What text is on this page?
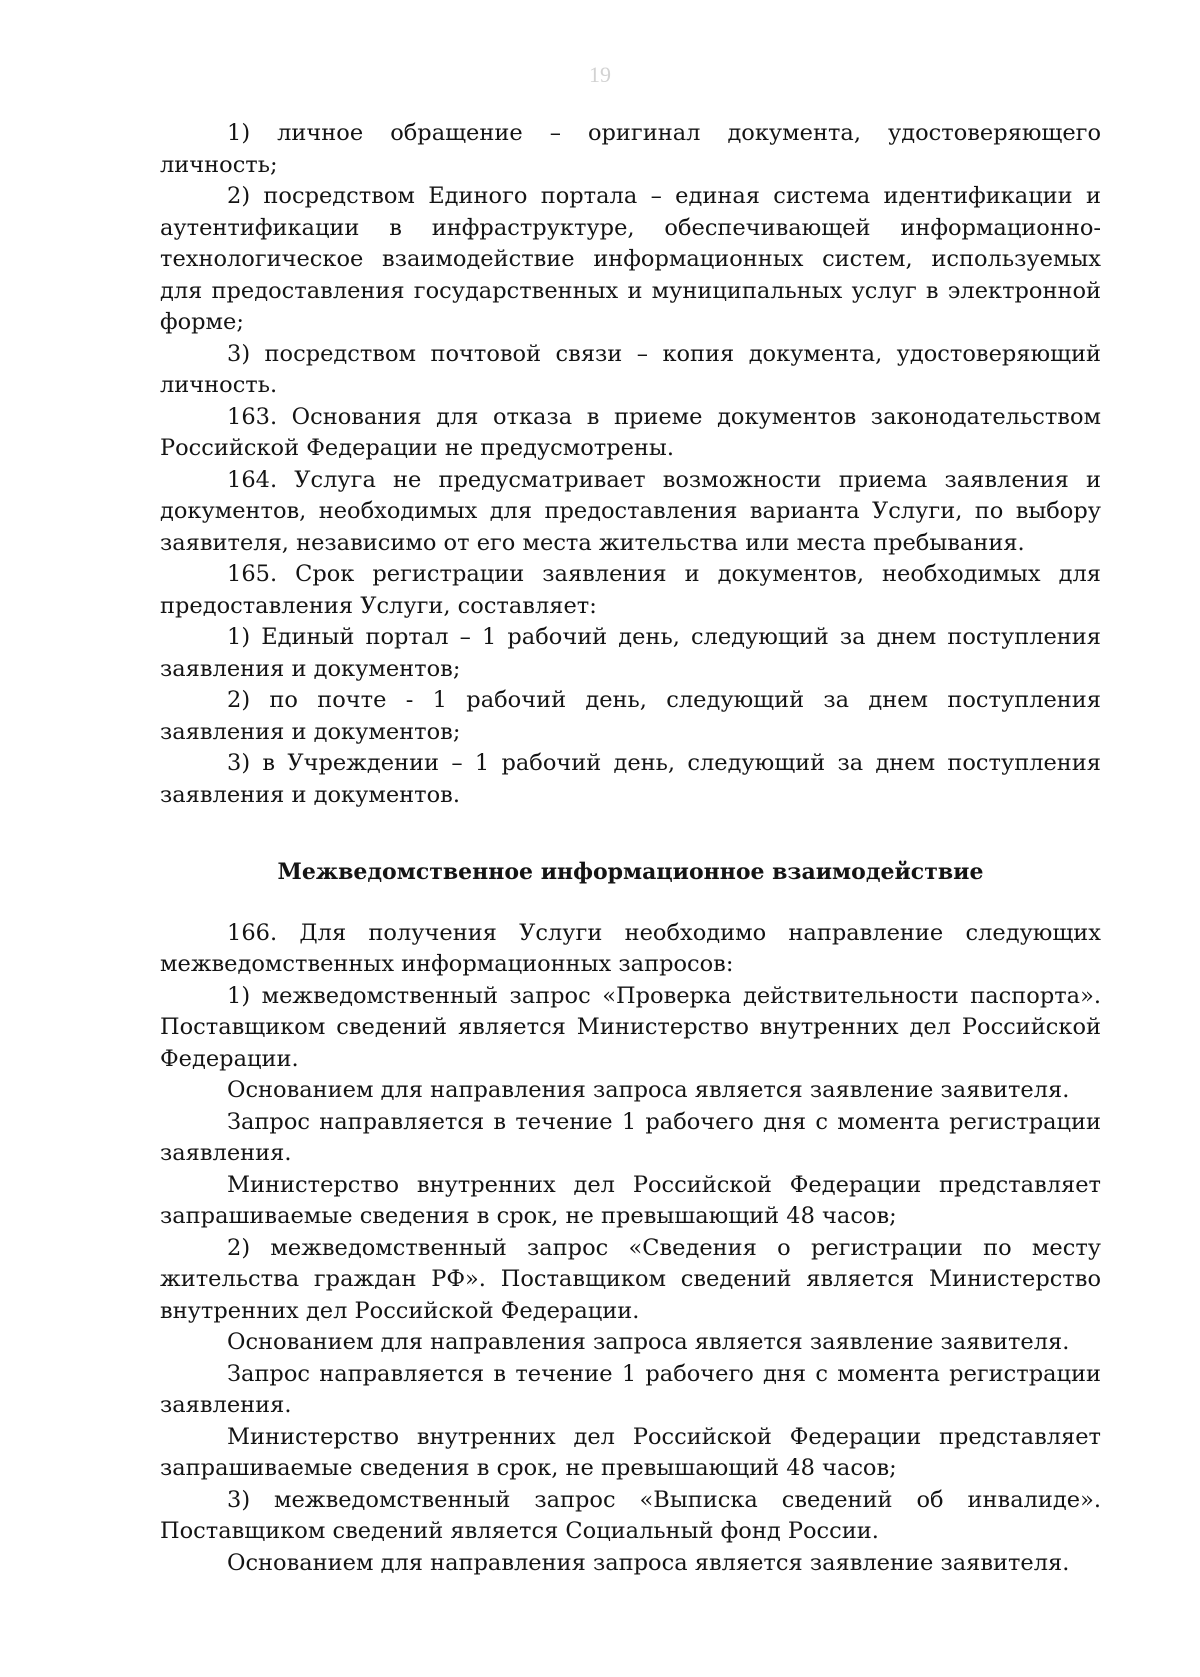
19

1) личное обращение – оригинал документа, удостоверяющего личность;

2) посредством Единого портала – единая система идентификации и аутентификации в инфраструктуре, обеспечивающей информационно-технологическое взаимодействие информационных систем, используемых для предоставления государственных и муниципальных услуг в электронной форме;

3) посредством почтовой связи – копия документа, удостоверяющий личность.

163. Основания для отказа в приеме документов законодательством Российской Федерации не предусмотрены.

164. Услуга не предусматривает возможности приема заявления и документов, необходимых для предоставления варианта Услуги, по выбору заявителя, независимо от его места жительства или места пребывания.

165. Срок регистрации заявления и документов, необходимых для предоставления Услуги, составляет:

1) Единый портал – 1 рабочий день, следующий за днем поступления заявления и документов;

2) по почте - 1 рабочий день, следующий за днем поступления заявления и документов;

3) в Учреждении – 1 рабочий день, следующий за днем поступления заявления и документов.

Межведомственное информационное взаимодействие

166. Для получения Услуги необходимо направление следующих межведомственных информационных запросов:

1) межведомственный запрос «Проверка действительности паспорта». Поставщиком сведений является Министерство внутренних дел Российской Федерации.

Основанием для направления запроса является заявление заявителя.

Запрос направляется в течение 1 рабочего дня с момента регистрации заявления.

Министерство внутренних дел Российской Федерации представляет запрашиваемые сведения в срок, не превышающий 48 часов;

2) межведомственный запрос «Сведения о регистрации по месту жительства граждан РФ». Поставщиком сведений является Министерство внутренних дел Российской Федерации.

Основанием для направления запроса является заявление заявителя.

Запрос направляется в течение 1 рабочего дня с момента регистрации заявления.

Министерство внутренних дел Российской Федерации представляет запрашиваемые сведения в срок, не превышающий 48 часов;

3) межведомственный запрос «Выписка сведений об инвалиде». Поставщиком сведений является Социальный фонд России.

Основанием для направления запроса является заявление заявителя.
